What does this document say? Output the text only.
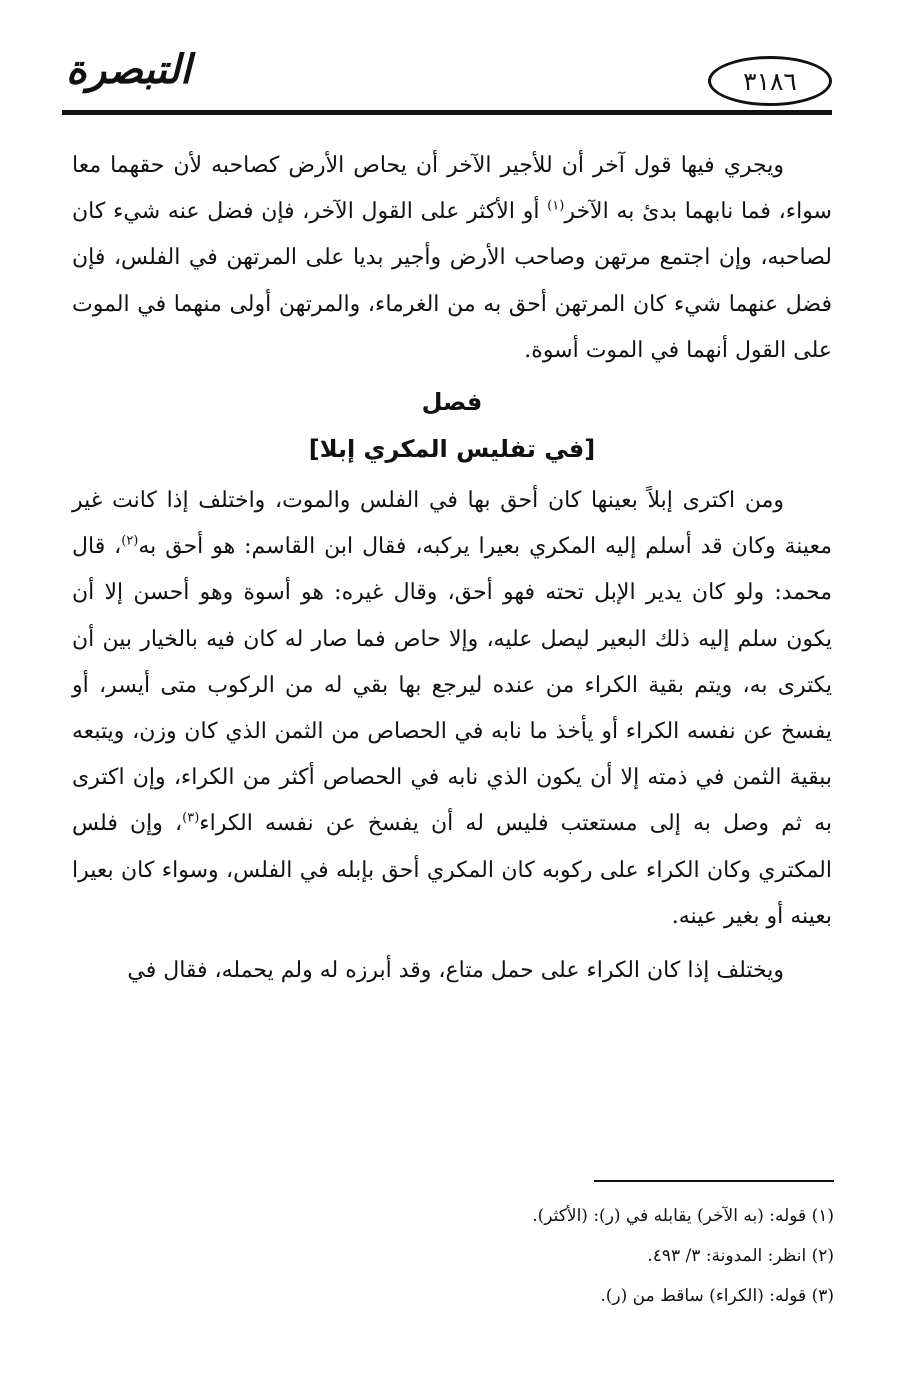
التبصرة	٣١٨٦

ويجري فيها قول آخر أن للأجير الآخر أن يحاص الأرض كصاحبه لأن حقهما معا سواء، فما نابهما بدئ به الآخر$^{(١)}$ أو الأكثر على القول الآخر، فإن فضل عنه شيء كان لصاحبه، وإن اجتمع مرتهن وصاحب الأرض وأجير بديا على المرتهن في الفلس، فإن فضل عنهما شيء كان المرتهن أحق به من الغرماء، والمرتهن أولى منهما في الموت على القول أنهما في الموت أسوة.

فصل
[في تفليس المكري إبلا]

ومن اكترى إبلاً بعينها كان أحق بها في الفلس والموت، واختلف إذا كانت غير معينة وكان قد أسلم إليه المكري بعيرا يركبه، فقال ابن القاسم: هو أحق به$^{(٢)}$، قال محمد: ولو كان يدير الإبل تحته فهو أحق، وقال غيره: هو أسوة وهو أحسن إلا أن يكون سلم إليه ذلك البعير ليصل عليه، وإلا حاص فما صار له كان فيه بالخيار بين أن يكترى به، ويتم بقية الكراء من عنده ليرجع بها بقي له من الركوب متى أيسر، أو يفسخ عن نفسه الكراء أو يأخذ ما نابه في الحصاص من الثمن الذي كان وزن، ويتبعه ببقية الثمن في ذمته إلا أن يكون الذي نابه في الحصاص أكثر من الكراء، وإن اكترى به ثم وصل به إلى مستعتب فليس له أن يفسخ عن نفسه الكراء$^{(٣)}$، وإن فلس المكتري وكان الكراء على ركوبه كان المكري أحق بإبله في الفلس، وسواء كان بعيرا بعينه أو بغير عينه.

ويختلف إذا كان الكراء على حمل متاع، وقد أبرزه له ولم يحمله، فقال في

(١) قوله: (به الآخر) يقابله في (ر): (الأكثر).

(٢) انظر: المدونة: ٣/ ٤٩٣.

(٣) قوله: (الكراء) ساقط من (ر).
